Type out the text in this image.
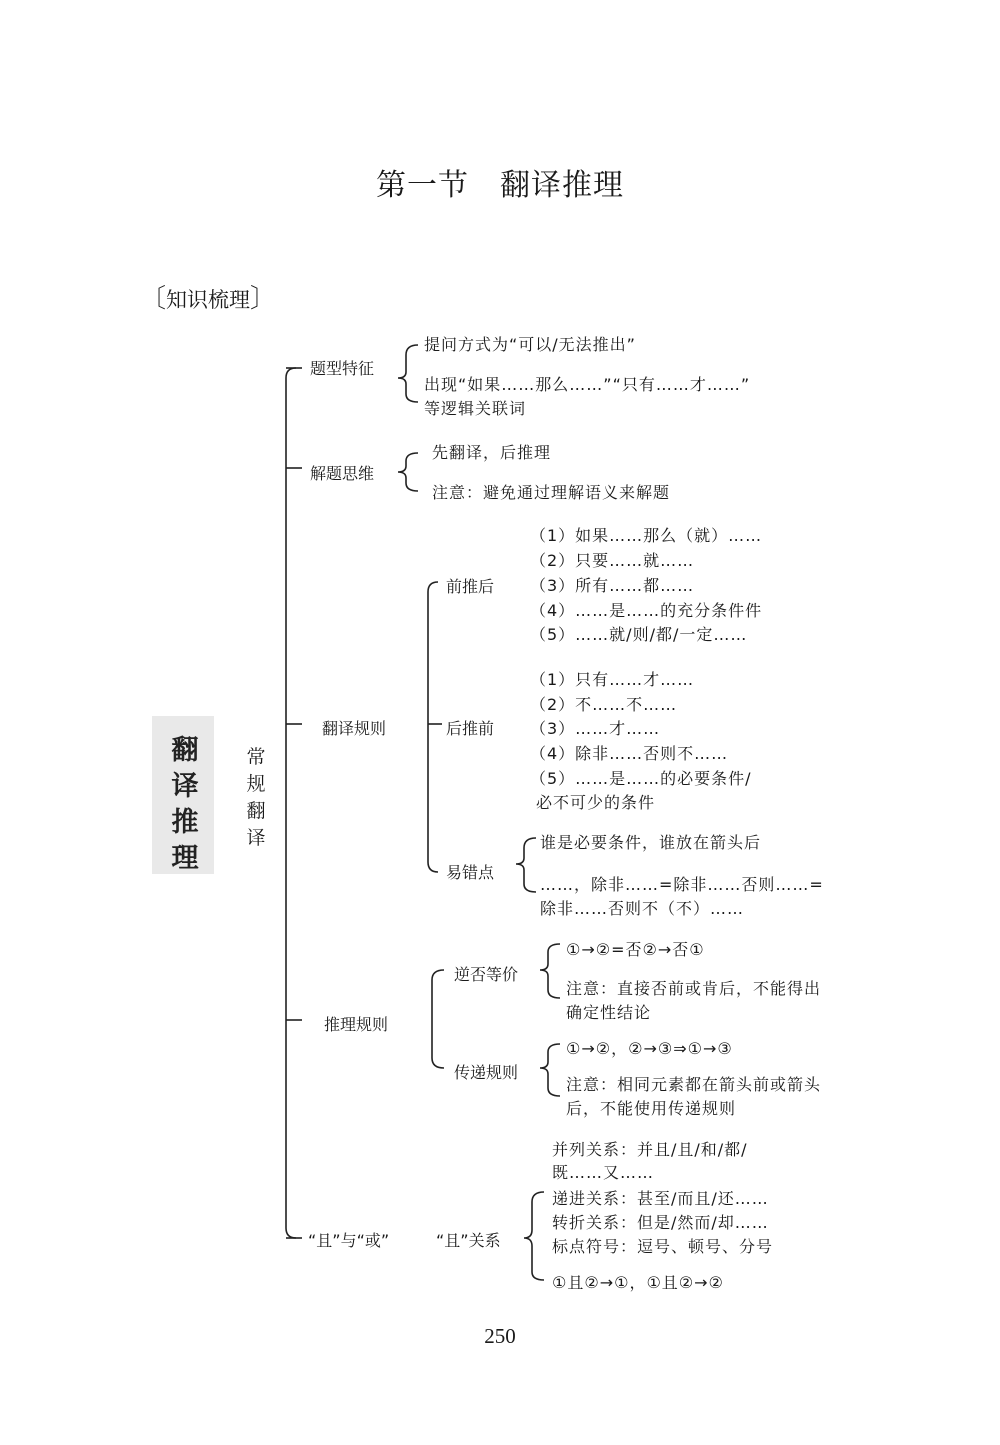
第一节　翻译推理
〔知识梳理〕
翻
译
推
理
常
规
翻
译
题型特征
提问方式为“可以/无法推出”
出现“如果……那么……”“只有……才……”
等逻辑关联词
解题思维
先翻译，后推理
注意：避免通过理解语义来解题
翻译规则
前推后
（1）如果……那么（就）……
（2）只要……就……
（3）所有……都……
（4）……是……的充分条件件
（5）……就/则/都/一定……
后推前
（1）只有……才……
（2）不……不……
（3）……才……
（4）除非……否则不……
（5）……是……的必要条件/
必不可少的条件
易错点
谁是必要条件，谁放在箭头后
……，除非……=除非……否则……=
除非……否则不（不）……
推理规则
逆否等价
①→②=否②→否①
注意：直接否前或肯后，不能得出
确定性结论
传递规则
①→②，②→③⇒①→③
注意：相同元素都在箭头前或箭头
后，不能使用传递规则
“且”与“或”	“且”关系
并列关系：并且/且/和/都/
既……又……
递进关系：甚至/而且/还……
转折关系：但是/然而/却……
标点符号：逗号、顿号、分号
①且②→①，①且②→②
250
